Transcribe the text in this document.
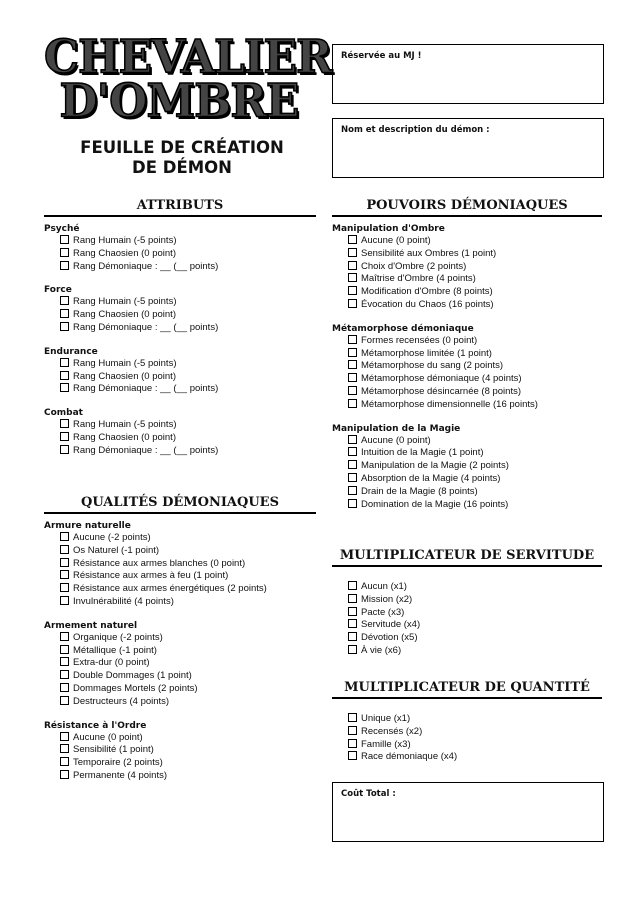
CHEVALIER
D'OMBRE
FEUILLE DE CRÉATION
DE DÉMON
Réservée au MJ !
Nom et description du démon :
ATTRIBUTS
Psyché
Rang Humain (-5 points)
Rang Chaosien (0 point)
Rang Démoniaque : __ (__ points)
Force
Rang Humain (-5 points)
Rang Chaosien (0 point)
Rang Démoniaque : __ (__ points)
Endurance
Rang Humain (-5 points)
Rang Chaosien (0 point)
Rang Démoniaque : __ (__ points)
Combat
Rang Humain (-5 points)
Rang Chaosien (0 point)
Rang Démoniaque : __ (__ points)
QUALITÉS DÉMONIAQUES
Armure naturelle
Aucune (-2 points)
Os Naturel (-1 point)
Résistance aux armes blanches (0 point)
Résistance aux armes à feu (1 point)
Résistance aux armes énergétiques (2 points)
Invulnérabilité (4 points)
Armement naturel
Organique (-2 points)
Métallique (-1 point)
Extra-dur (0 point)
Double Dommages (1 point)
Dommages Mortels (2 points)
Destructeurs (4 points)
Résistance à l'Ordre
Aucune (0 point)
Sensibilité (1 point)
Temporaire (2 points)
Permanente (4 points)
POUVOIRS DÉMONIAQUES
Manipulation d'Ombre
Aucune (0 point)
Sensibilité aux Ombres (1 point)
Choix d'Ombre (2 points)
Maîtrise d'Ombre (4 points)
Modification d'Ombre (8 points)
Évocation du Chaos (16 points)
Métamorphose démoniaque
Formes recensées (0 point)
Métamorphose limitée (1 point)
Métamorphose du sang (2 points)
Métamorphose démoniaque (4 points)
Métamorphose désincarnée (8 points)
Métamorphose dimensionnelle (16 points)
Manipulation de la Magie
Aucune (0 point)
Intuition de la Magie (1 point)
Manipulation de la Magie (2 points)
Absorption de la Magie (4 points)
Drain de la Magie (8 points)
Domination de la Magie (16 points)
MULTIPLICATEUR DE SERVITUDE
Aucun (x1)
Mission (x2)
Pacte (x3)
Servitude (x4)
Dévotion (x5)
À vie (x6)
MULTIPLICATEUR DE QUANTITÉ
Unique (x1)
Recensés (x2)
Famille (x3)
Race démoniaque (x4)
Coût Total :
